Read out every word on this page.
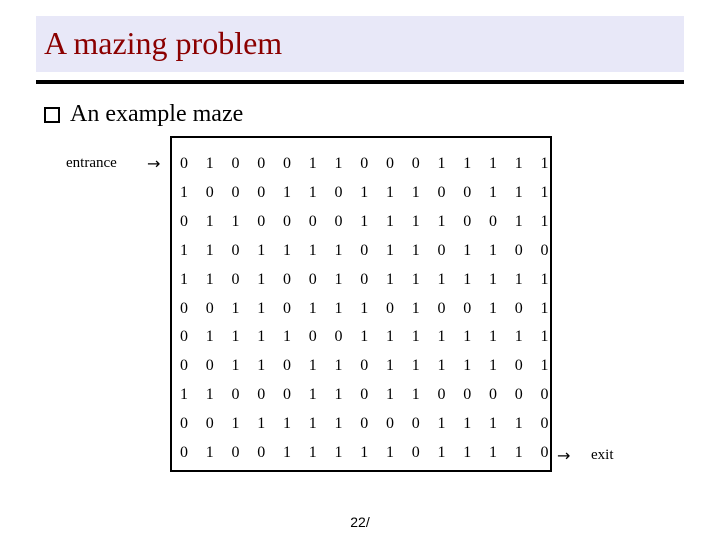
A mazing problem
An example maze
entrance →	0	1	0	0	0	1	1	0	0	0	1	1	1	1	1
1	0	0	0	1	1	0	1	1	1	0	0	1	1	1
0	1	1	0	0	0	0	1	1	1	1	0	0	1	1
1	1	0	1	1	1	1	0	1	1	0	1	1	0	0
1	1	0	1	0	0	1	0	1	1	1	1	1	1	1
0	0	1	1	0	1	1	1	0	1	0	0	1	0	1
0	1	1	1	1	0	0	1	1	1	1	1	1	1	1
0	0	1	1	0	1	1	0	1	1	1	1	1	0	1
1	1	0	0	0	1	1	0	1	1	0	0	0	0	0
0	0	1	1	1	1	1	0	0	0	1	1	1	1	0
0	1	0	0	1	1	1	1	1	0	1	1	1	1	0 → exit
22/
